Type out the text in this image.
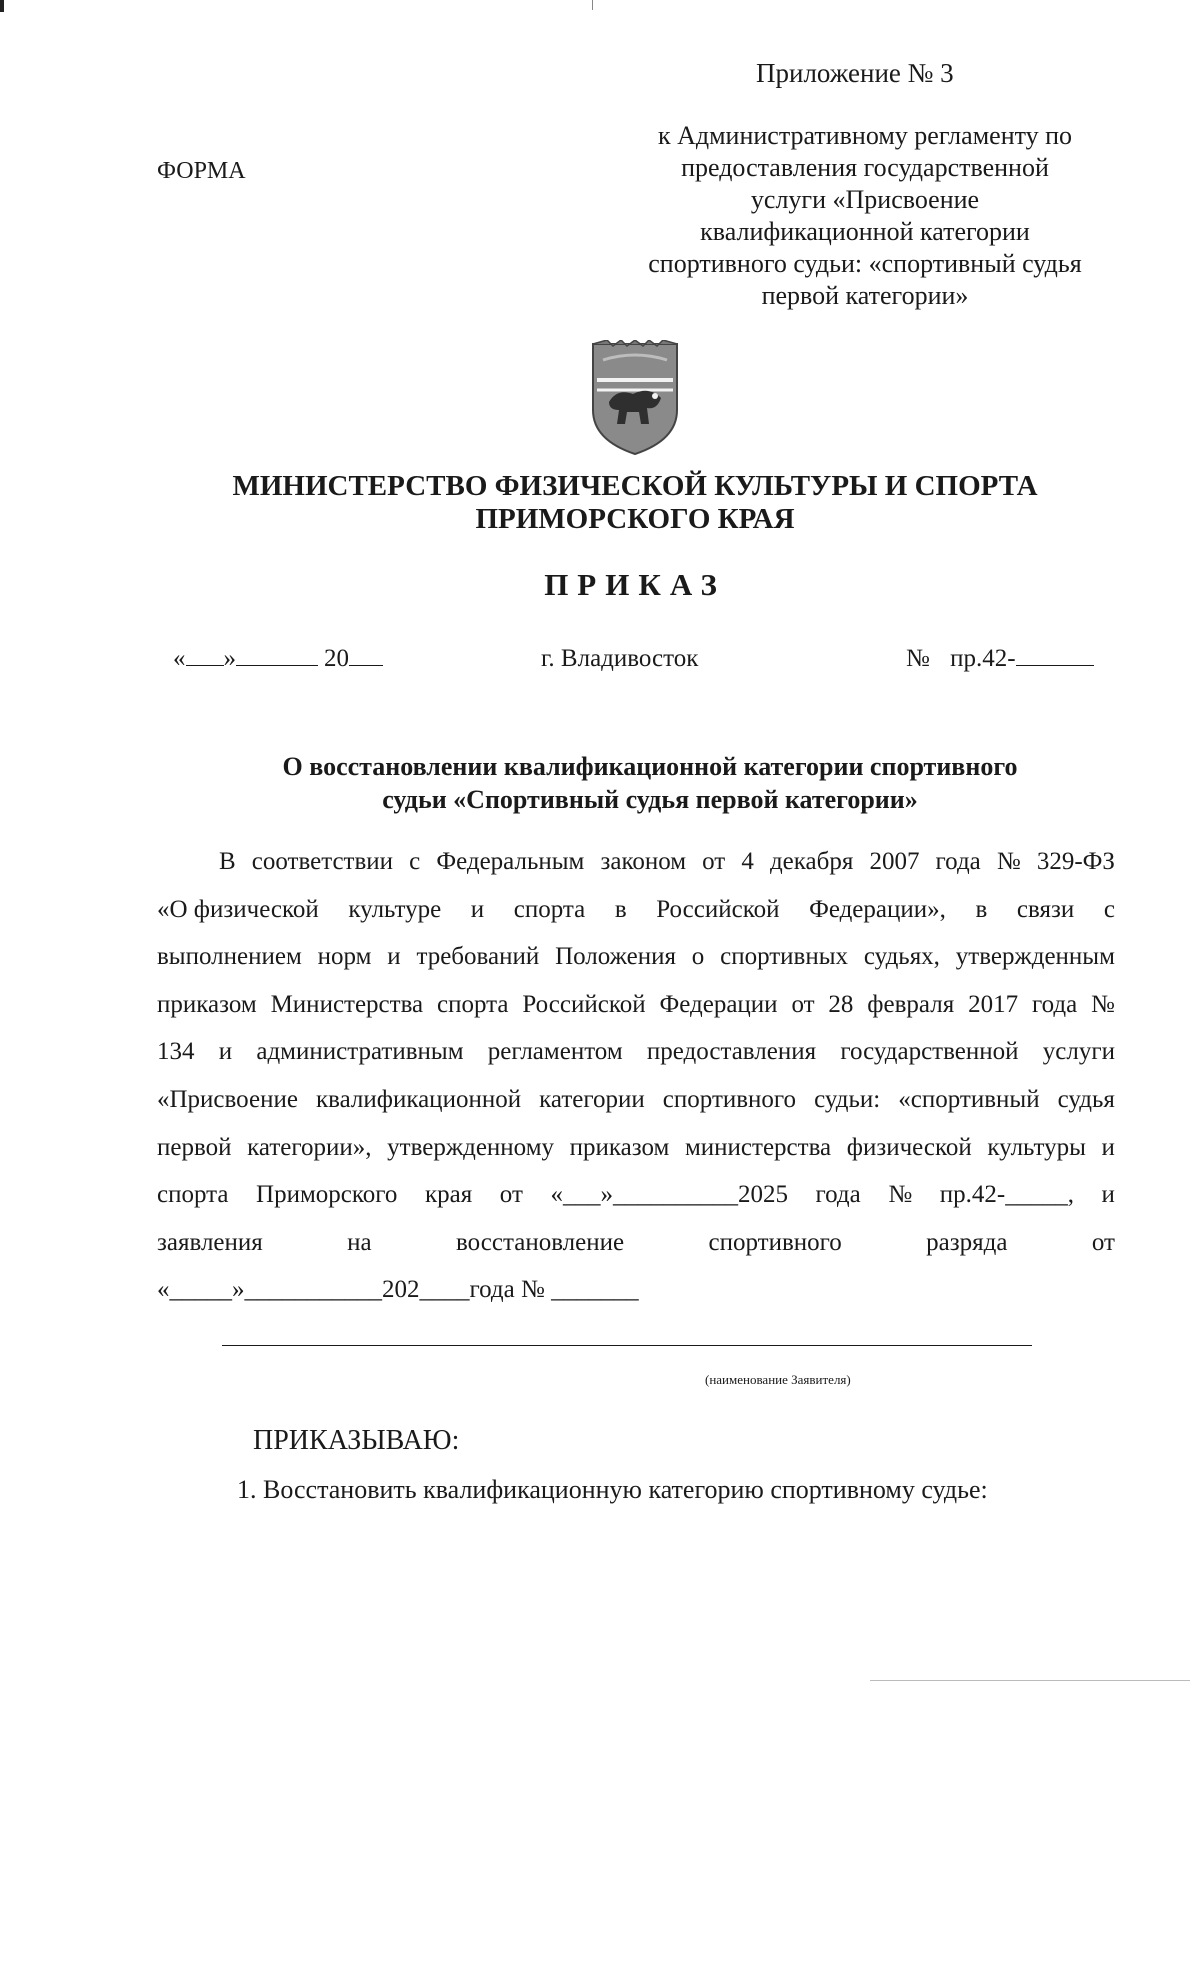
Приложение № 3
ФОРМА
к Административному регламенту по
предоставления государственной
услуги «Присвоение
квалификационной категории
спортивного судьи: «спортивный судья
первой категории»
МИНИСТЕРСТВО ФИЗИЧЕСКОЙ КУЛЬТУРЫ И СПОРТА
ПРИМОРСКОГО КРАЯ
ПРИКАЗ
« »	20	г. Владивосток	№ пр.42-
О восстановлении квалификационной категории спортивного
судьи «Спортивный судья первой категории»
В соответствии с Федеральным законом от 4 декабря 2007 года № 329-ФЗ
«О физической культуре и спорта в Российской Федерации», в связи с
выполнением норм и требований Положения о спортивных судьях, утвержденным
приказом Министерства спорта Российской Федерации от 28 февраля 2017 года №
134 и административным регламентом предоставления государственной услуги
«Присвоение квалификационной категории спортивного судьи: «спортивный судья
первой категории», утвержденному приказом министерства физической культуры и
спорта Приморского края от «___»__________2025 года № пр.42-_____, и
заявления	на	восстановление	спортивного	разряда	от
«_____»___________202____года № _______
(наименование Заявителя)
ПРИКАЗЫВАЮ:
1. Восстановить квалификационную категорию спортивному судье:
